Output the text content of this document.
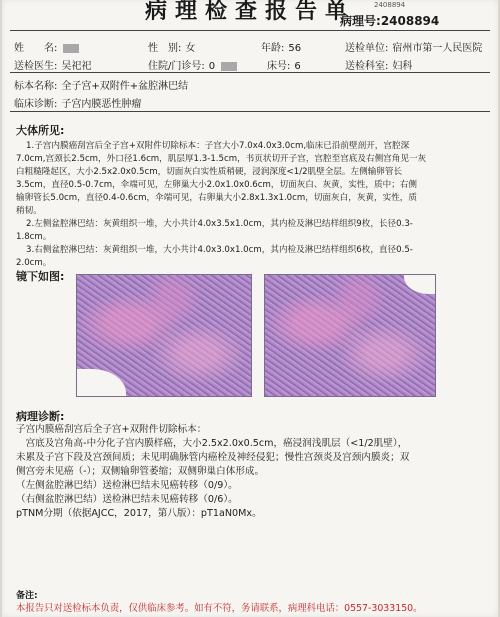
2408894
病理检查报告单
病理号:2408894
姓　　名:	性　别: 女	年龄: 56	送检单位: 宿州市第一人民医院
送检医生: 吴祀祀	住院/门诊号: 0	床号: 6	送检科室: 妇科
标本名称: 全子宫+双附件+盆腔淋巴结
临床诊断: 子宫内膜恶性肿瘤
大体所见:
1.子宫内膜癌刮宫后全子宫+双附件切除标本：子宫大小7.0x4.0x3.0cm,临床已沿前壁剖开，宫腔深
7.0cm,宫颈长2.5cm，外口径1.6cm，肌层厚1.3-1.5cm，书页状切开子宫，宫腔至宫底及右侧宫角见一灰
白粗糙隆起区，大小2.5x2.0x0.5cm，切面灰白实性质稍硬，浸润深度<1/2肌壁全层。左侧输卵管长
3.5cm，直径0.5-0.7cm，伞端可见，左卵巢大小2.0x1.0x0.6cm，切面灰白、灰黄，实性，质中；右侧
输卵管长5.0cm，直径0.4-0.6cm，伞端可见，右卵巢大小2.8x1.3x1.0cm，切面灰白，灰黄，实性，质
稍韧。
2.左侧盆腔淋巴结：灰黄组织一堆，大小共计4.0x3.5x1.0cm，其内检及淋巴结样组织9枚，长径0.3-
1.8cm。
3.右侧盆腔淋巴结：灰黄组织一堆，大小共计4.0x3.0x1.0cm，其内检及淋巴结样组织6枚，直径0.5-
2.0cm。
镜下如图:
病理诊断:
子宫内膜癌刮宫后全子宫+双附件切除标本：
　宫底及宫角高-中分化子宫内膜样癌，大小2.5x2.0x0.5cm，癌浸润浅肌层（<1/2肌壁），
未累及子宫下段及宫颈间质；未见明确脉管内癌栓及神经侵犯；慢性宫颈炎及宫颈内膜炎；双
侧宫旁未见癌（-）；双侧输卵管萎缩；双侧卵巢白体形成。
（左侧盆腔淋巴结）送检淋巴结未见癌转移（0/9）。
（右侧盆腔淋巴结）送检淋巴结未见癌转移（0/6）。
pTNM分期（依据AJCC，2017，第八版）：pT1aN0Mx。
备注:
本报告只对送检标本负责，仅供临床参考。如有不符，务请联系，病理科电话：0557-3033150。
